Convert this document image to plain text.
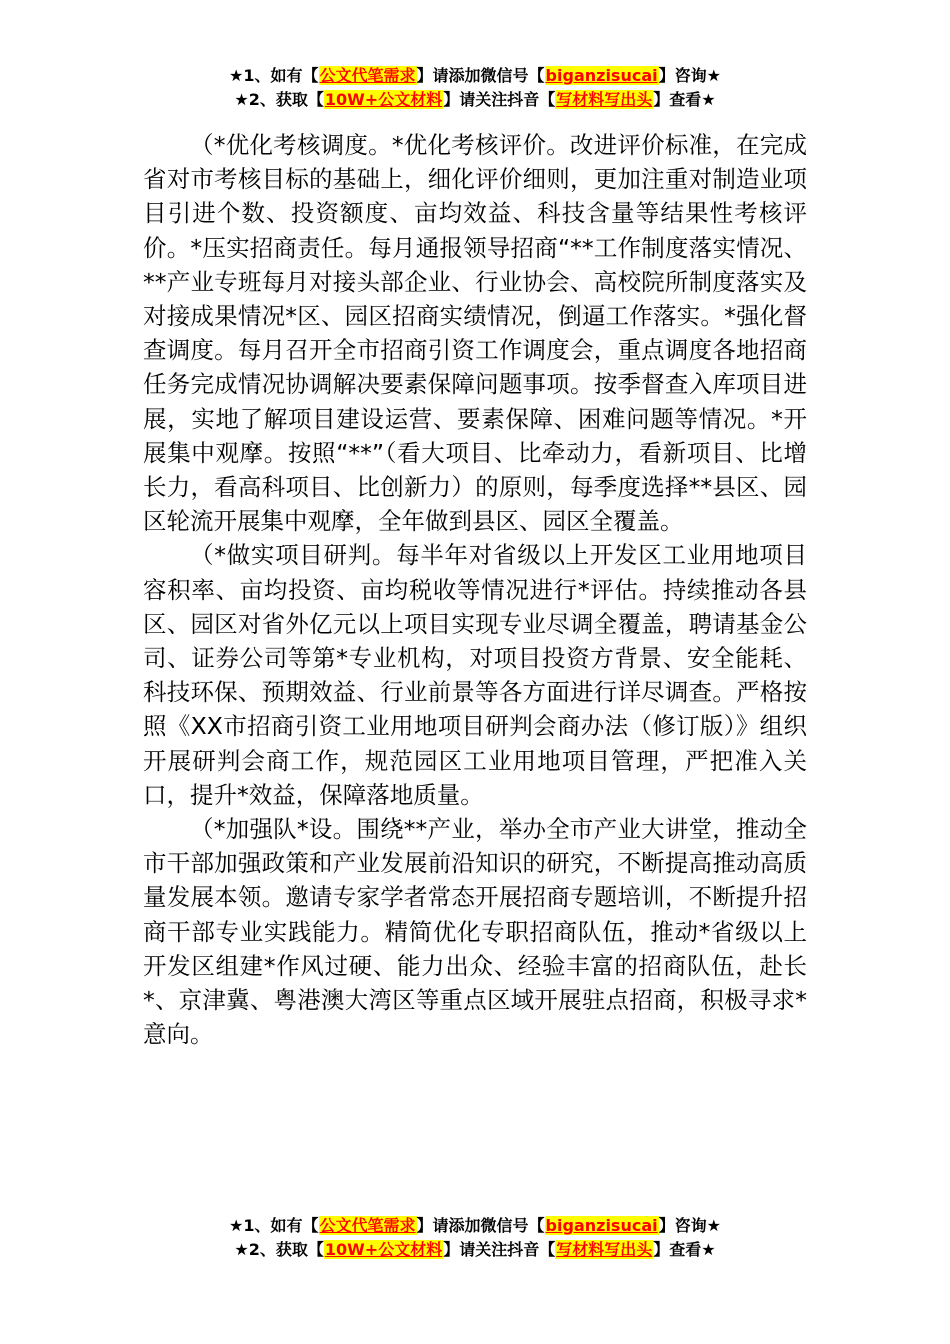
★1、如有【公文代笔需求】请添加微信号【biganzisucai】咨询★
★2、获取【10W+公文材料】请关注抖音【写材料写出头】查看★

（*优化考核调度。*优化考核评价。改进评价标准，在完成省对市考核目标的基础上，细化评价细则，更加注重对制造业项目引进个数、投资额度、亩均效益、科技含量等结果性考核评价。*压实招商责任。每月通报领导招商“**工作制度落实情况、**产业专班每月对接头部企业、行业协会、高校院所制度落实及对接成果情况*区、园区招商实绩情况，倒逼工作落实。*强化督查调度。每月召开全市招商引资工作调度会，重点调度各地招商任务完成情况协调解决要素保障问题事项。按季督查入库项目进展，实地了解项目建设运营、要素保障、困难问题等情况。*开展集中观摩。按照“**”（看大项目、比牵动力，看新项目、比增长力，看高科项目、比创新力）的原则，每季度选择**县区、园区轮流开展集中观摩，全年做到县区、园区全覆盖。

（*做实项目研判。每半年对省级以上开发区工业用地项目容积率、亩均投资、亩均税收等情况进行*评估。持续推动各县区、园区对省外亿元以上项目实现专业尽调全覆盖，聘请基金公司、证券公司等第*专业机构，对项目投资方背景、安全能耗、科技环保、预期效益、行业前景等各方面进行详尽调查。严格按照《XX市招商引资工业用地项目研判会商办法（修订版）》组织开展研判会商工作，规范园区工业用地项目管理，严把准入关口，提升*效益，保障落地质量。

（*加强队*设。围绕**产业，举办全市产业大讲堂，推动全市干部加强政策和产业发展前沿知识的研究，不断提高推动高质量发展本领。邀请专家学者常态开展招商专题培训，不断提升招商干部专业实践能力。精简优化专职招商队伍，推动*省级以上开发区组建*作风过硬、能力出众、经验丰富的招商队伍，赴长*、京津冀、粤港澳大湾区等重点区域开展驻点招商，积极寻求*意向。

★1、如有【公文代笔需求】请添加微信号【biganzisucai】咨询★
★2、获取【10W+公文材料】请关注抖音【写材料写出头】查看★
